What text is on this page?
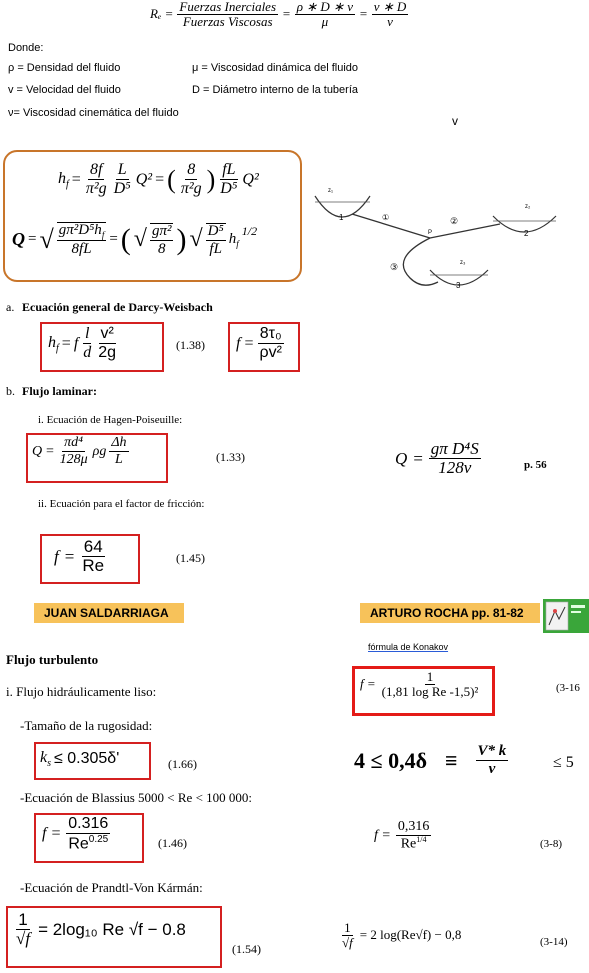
$R_e = \frac{\text{Fuerzas Inerciales}}{\text{Fuerzas Viscosas}} = \frac{\rho ∗ D ∗ v}{\mu} = \frac{v ∗ D}{\nu}$
Donde:
ρ = Densidad del fluido	μ = Viscosidad dinámica del fluido
v = Velocidad del fluido	D = Diámetro interno de la tubería
ν= Viscosidad cinemática del fluido
v
$h_f = \frac{8f}{\text{π²g}} \frac{L}{\text{D⁵}} Q^2$ = ( $\frac{8}{\text{π²g}}$ ) $\frac{fL}{\text{D⁵}} Q^2$
Q = √ $\frac{g\pi^2D^5h_f}{8fL}$ = ( √ $\frac{\text{gπ²}}{8}$ ) √ $\frac{\text{D⁵}}{fL} h_f$
1/2
1
z₁
2
z₂
3
z₃
①	②
③
P
a. Ecuación general de Darcy-Weisbach
$h_f = f \frac{l}{d} \frac{\text{v²}}{2g}$	(1.38) $f = \frac{\text{8τ₀}}{\text{ρv²}}$
b. Flujo laminar:
i. Ecuación de Hagen-Poiseuille:
$Q = \frac{\text{πd⁴}}{128\mu}$ ρg $\frac{\Delta h}{L}$	(1.33)	$Q = \frac{\text{gπ D⁴S}}{128\nu}$	p. 56
ii. Ecuación para el factor de fricción:
$f = \frac{64}{Re}$	(1.45)
JUAN SALDARRIAGA	ARTURO ROCHA pp. 81-82
Flujo turbulento
fórmula de Konakov
i. Flujo hidráulicamente liso:
$f = \frac{1}{\text{(1,81 log Re -1,5)²}}$	(3-16
-Tamaño de la rugosidad:
$k_s \le 0.305\delta'$	(1.66)	$4 \le 0,4\delta \equiv \frac{V* k}{\nu}$	≤ 5
-Ecuación de Blassius 5000 < Re < 100 000:
$f = \frac{0.316}{Re^{0.25}}$	(1.46)
$f = \frac{0,316}{Re^{1/4}}$	(3-8)
-Ecuación de Prandtl-Von Kármán:
$\frac{1}{√f} = 2\log_{10}$ Re √f − 0.8
(1.54)	$\frac{1}{√f} = 2$ log(Re√f) − 0,8	(3-14)
